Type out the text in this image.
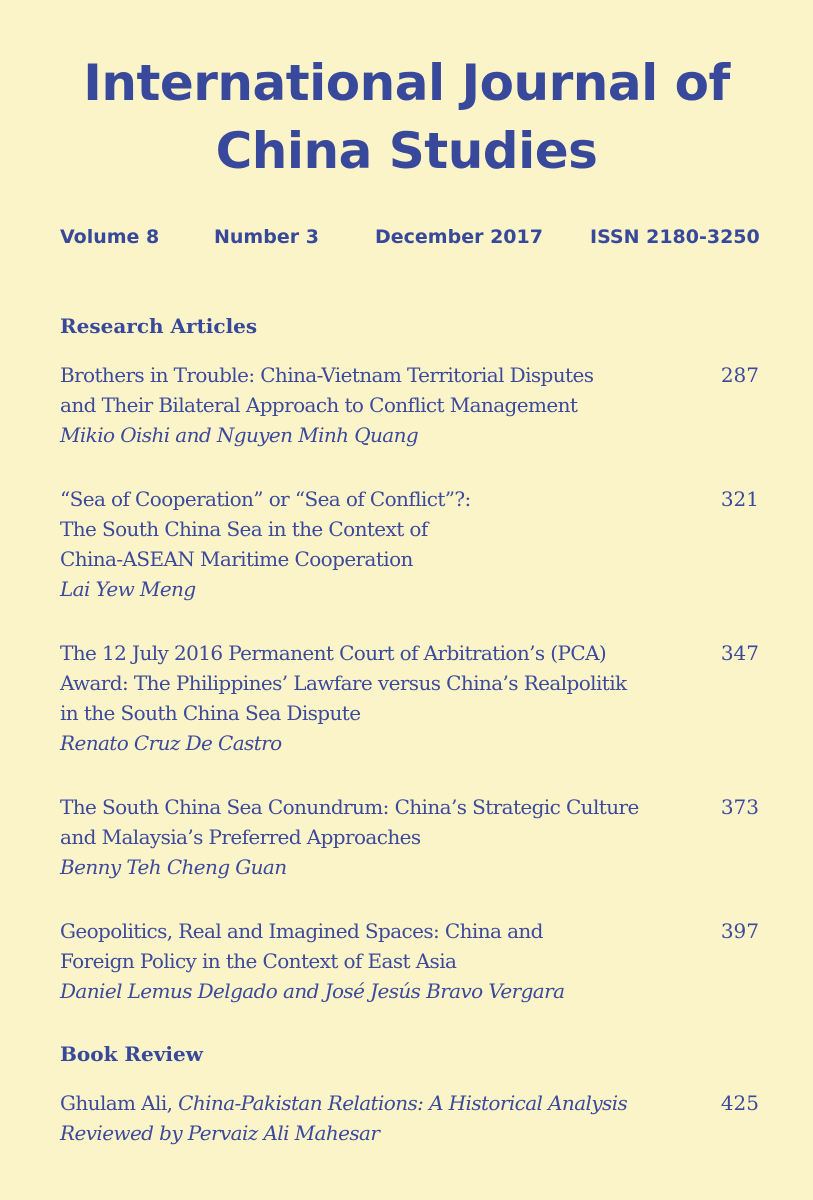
International Journal of
China Studies
Volume 8	Number 3	December 2017 ISSN 2180-3250
Research Articles
Brothers in Trouble: China-Vietnam Territorial Disputes
and Their Bilateral Approach to Conflict Management
Mikio Oishi and Nguyen Minh Quang
287
“Sea of Cooperation” or “Sea of Conflict”?:
The South China Sea in the Context of
China-ASEAN Maritime Cooperation
Lai Yew Meng
321
The 12 July 2016 Permanent Court of Arbitration’s (PCA)
Award: The Philippines’ Lawfare versus China’s Realpolitik
in the South China Sea Dispute
Renato Cruz De Castro
347
The South China Sea Conundrum: China’s Strategic Culture
and Malaysia’s Preferred Approaches
Benny Teh Cheng Guan
373
Geopolitics, Real and Imagined Spaces: China and
Foreign Policy in the Context of East Asia
Daniel Lemus Delgado and José Jesús Bravo Vergara
397
Book Review
Ghulam Ali, China-Pakistan Relations: A Historical Analysis
Reviewed by Pervaiz Ali Mahesar
425
